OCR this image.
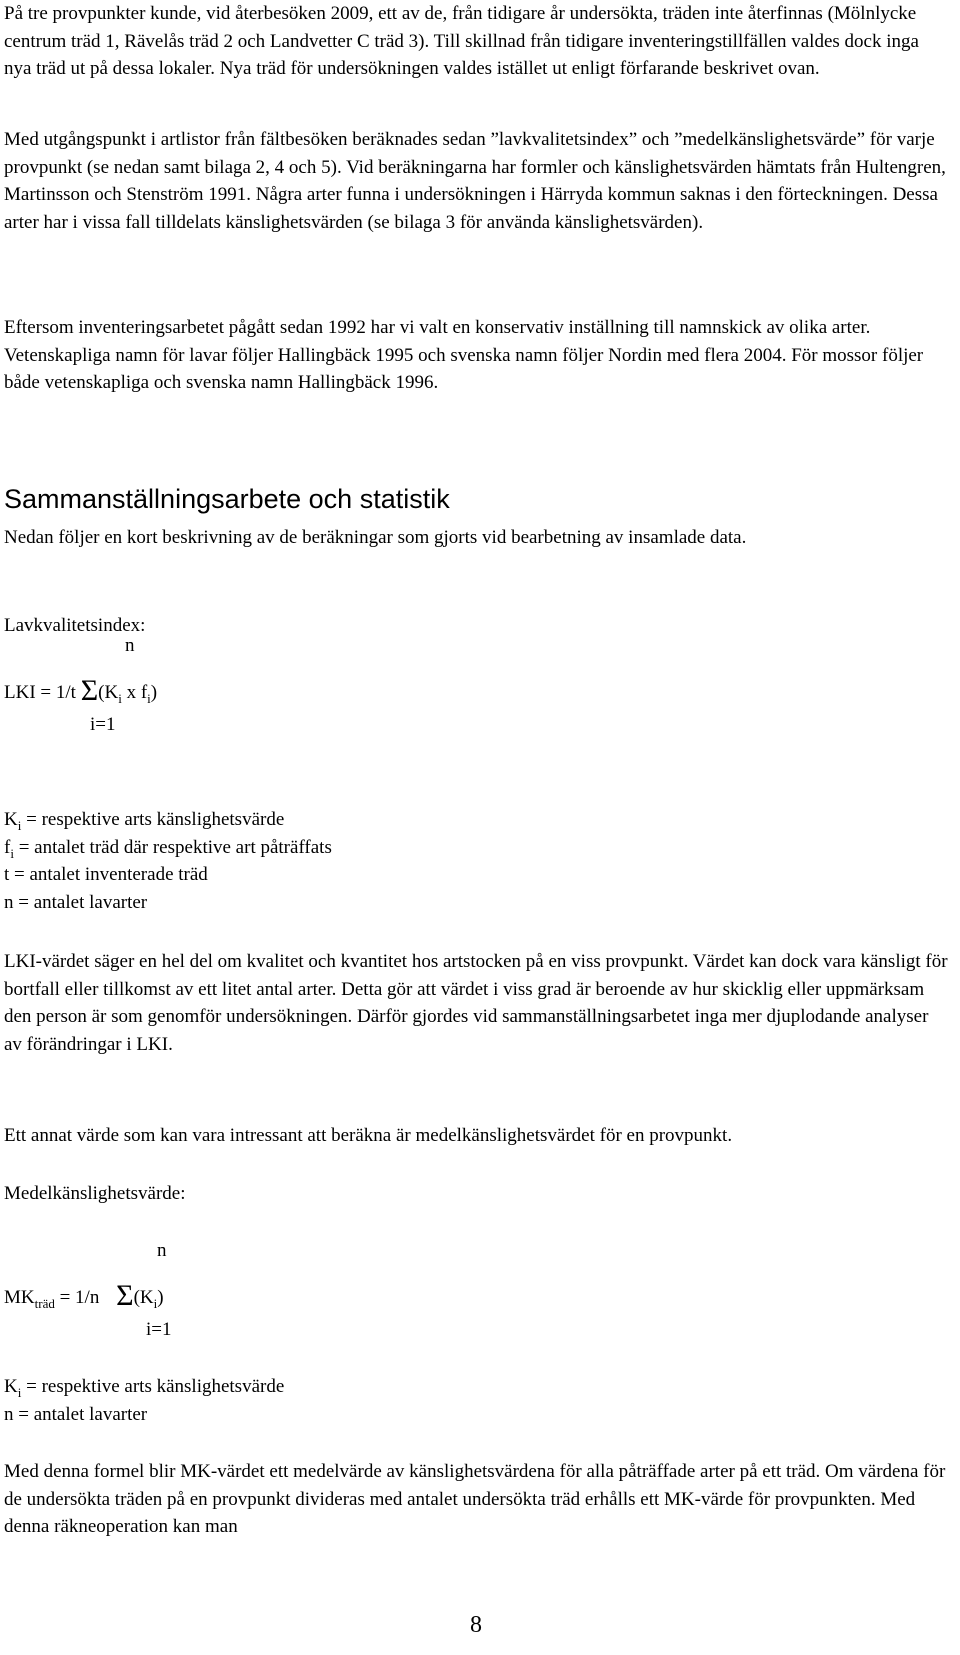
På tre provpunkter kunde, vid återbesöken 2009, ett av de, från tidigare år undersökta, träden inte återfinnas (Mölnlycke centrum träd 1, Rävelås träd 2 och Landvetter C träd 3). Till skillnad från tidigare inventeringstillfällen valdes dock inga nya träd ut på dessa lokaler. Nya träd för undersökningen valdes istället ut enligt förfarande beskrivet ovan.

Med utgångspunkt i artlistor från fältbesöken beräknades sedan ”lavkvalitetsindex” och ”medelkänslighetsvärde” för varje provpunkt (se nedan samt bilaga 2, 4 och 5). Vid beräkningarna har formler och känslighetsvärden hämtats från Hultengren, Martinsson och Stenström 1991. Några arter funna i undersökningen i Härryda kommun saknas i den förteckningen. Dessa arter har i vissa fall tilldelats känslighetsvärden (se bilaga 3 för använda känslighetsvärden).

Eftersom inventeringsarbetet pågått sedan 1992 har vi valt en konservativ inställning till namnskick av olika arter. Vetenskapliga namn för lavar följer Hallingbäck 1995 och svenska namn följer Nordin med flera 2004. För mossor följer både vetenskapliga och svenska namn Hallingbäck 1996.

Sammanställningsarbete och statistik

Nedan följer en kort beskrivning av de beräkningar som gjorts vid bearbetning av insamlade data.

Lavkvalitetsindex:

n
LKI = 1/t $\Sigma(K_i$ x $f_i$)
i=1
$K_i$ = respektive arts känslighetsvärde
$f_i$ = antalet träd där respektive art påträffats
t = antalet inventerade träd
n = antalet lavarter

LKI-värdet säger en hel del om kvalitet och kvantitet hos artstocken på en viss provpunkt. Värdet kan dock vara känsligt för bortfall eller tillkomst av ett litet antal arter. Detta gör att värdet i viss grad är beroende av hur skicklig eller uppmärksam den person är som genomför undersökningen. Därför gjordes vid sammanställningsarbetet inga mer djuplodande analyser av förändringar i LKI.

Ett annat värde som kan vara intressant att beräkna är medelkänslighetsvärdet för en provpunkt.

Medelkänslighetsvärde:

n
$MK_{träd} = 1/n$ $\Sigma(K_i)$
i=1
$K_i$ = respektive arts känslighetsvärde
n = antalet lavarter

Med denna formel blir MK-värdet ett medelvärde av känslighetsvärdena för alla påträffade arter på ett träd. Om värdena för de undersökta träden på en provpunkt divideras med antalet undersökta träd erhålls ett MK-värde för provpunkten. Med denna räkneoperation kan man

8
